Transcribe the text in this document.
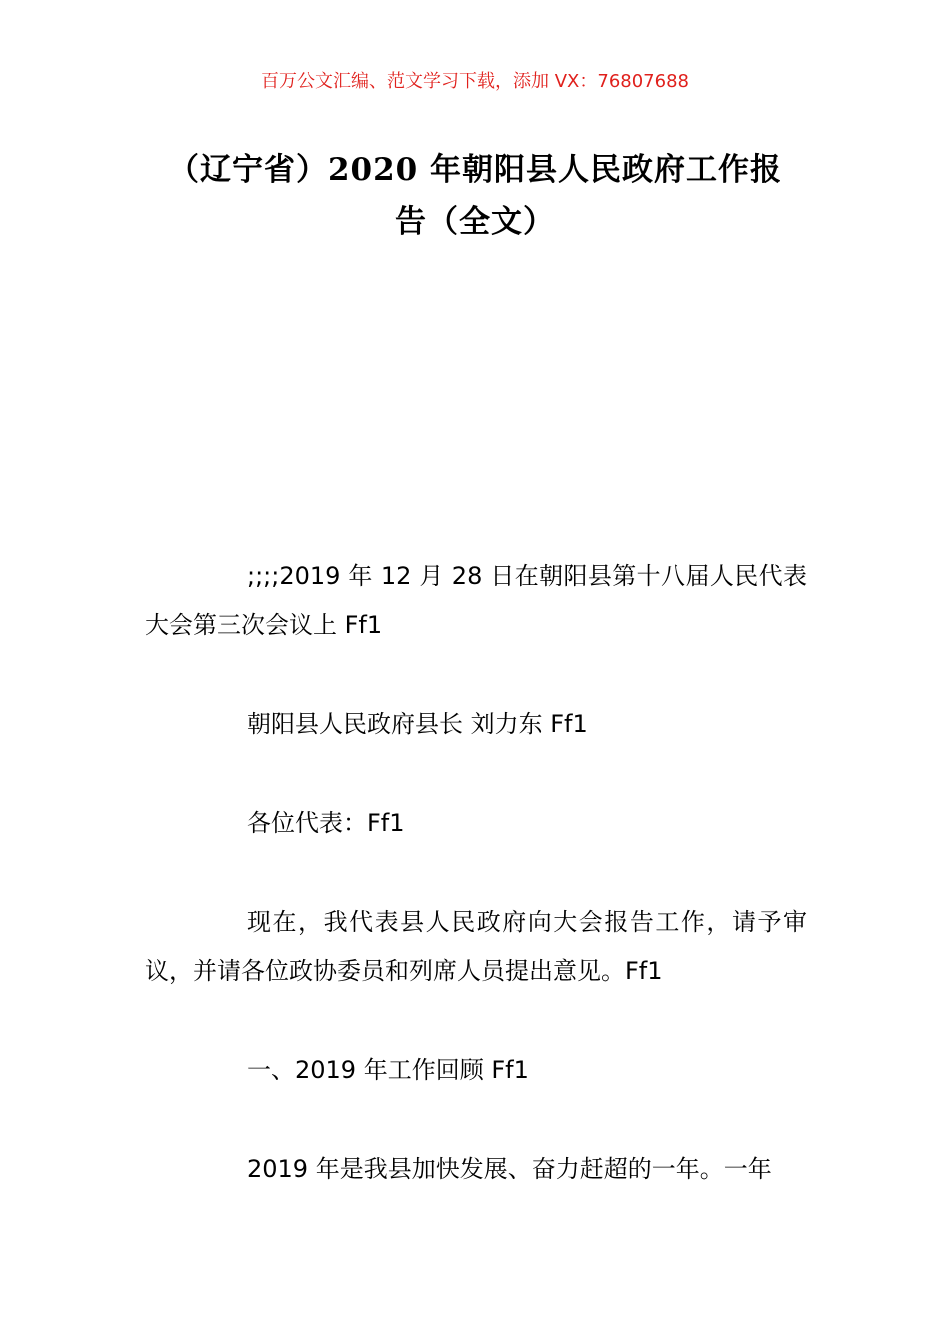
百万公文汇编、范文学习下载，添加 VX：76807688
（辽宁省）2020 年朝阳县人民政府工作报
告（全文）

;;;;2019 年 12 月 28 日在朝阳县第十八届人民代表大会第三次会议上 Ff1

朝阳县人民政府县长 刘力东 Ff1

各位代表：Ff1

现在，我代表县人民政府向大会报告工作，请予审议，并请各位政协委员和列席人员提出意见。Ff1

一、2019 年工作回顾 Ff1

2019 年是我县加快发展、奋力赶超的一年。一年
